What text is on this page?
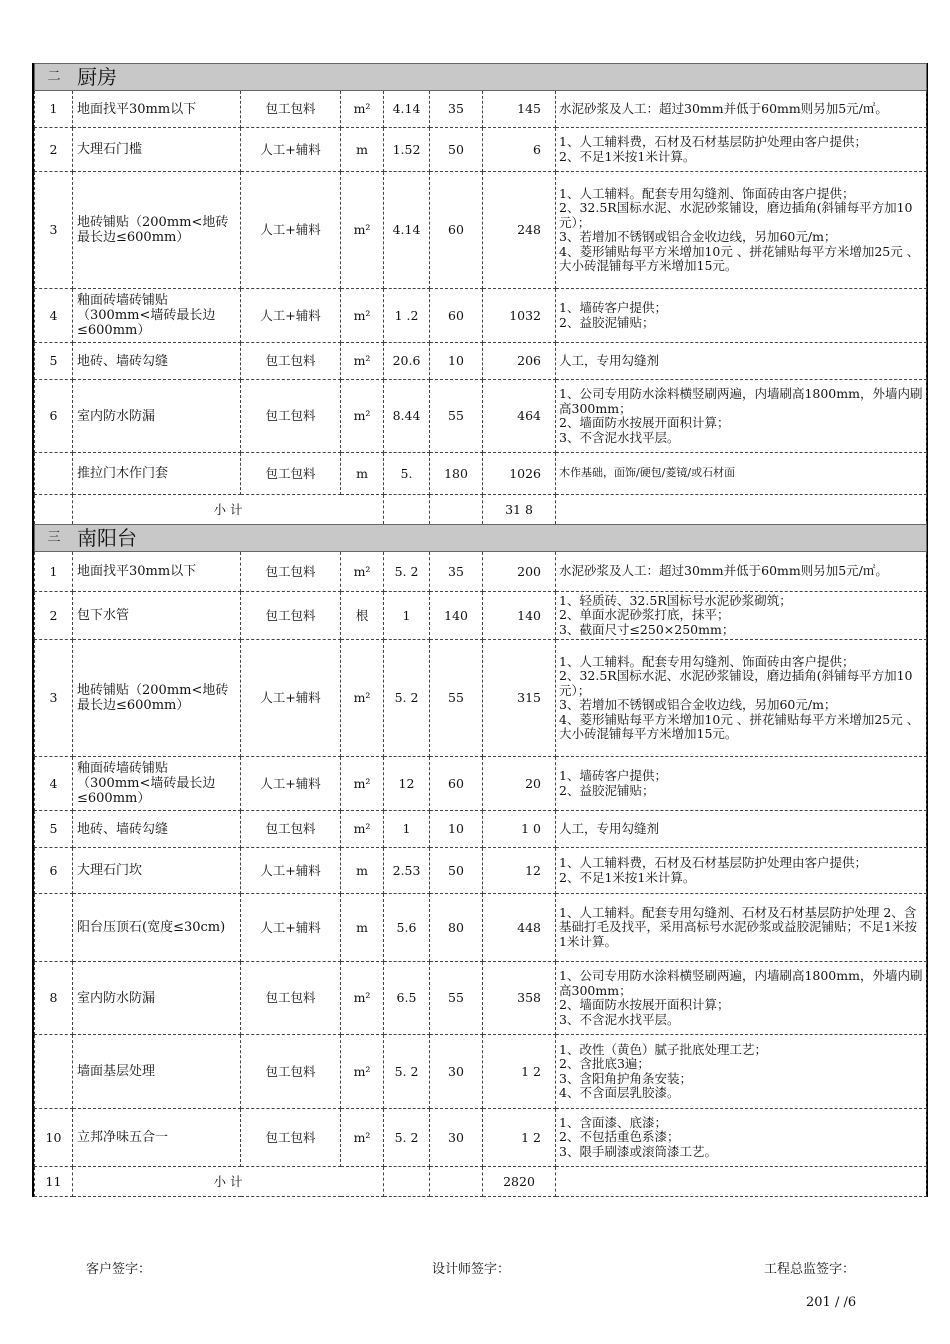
二 厨房							
1	地面找平30mm以下	包工包料	m²	4.14	35	145	水泥砂浆及人工：超过30mm并低于60mm则另加5元/㎡。

2	大理石门槛	人工+辅料	m	1.52	50	6	1、人工辅料费，石材及石材基层防护处理由客户提供；
2、不足1米按1米计算。

3	地砖铺贴（200mm<地砖最长边≤600mm）	人工+辅料	m²	4.14	60	248	1、人工辅料。配套专用勾缝剂、饰面砖由客户提供；
2、32.5R国标水泥、水泥砂浆铺设，磨边插角(斜铺每平方加10元）；
3、若增加不锈钢或铝合金收边线，另加60元/m；
4、菱形铺贴每平方米增加10元 、拼花铺贴每平方米增加25元 、大小砖混铺每平方米增加15元。

4	釉面砖墙砖铺贴（300mm<墙砖最长边≤600mm）	人工+辅料	m²	1 .2	60	1032	1、墙砖客户提供；
2、益胶泥铺贴；

5	地砖、墙砖勾缝	包工包料	m²	20.6	10	206	人工，专用勾缝剂

6	室内防水防漏	包工包料	m²	8.44	55	464	1、公司专用防水涂料横竖刷两遍，内墙刷高1800mm，外墙内刷高300mm；
2、墙面防水按展开面积计算；
3、不含泥水找平层。

	推拉门木作门套	包工包料	m	5.	180	1026	木作基础，面饰/硬包/菱镜/或石材面

	小 计					31 8	
三 南阳台							
1	地面找平30mm以下	包工包料	m²	5. 2	35	200	水泥砂浆及人工：超过30mm并低于60mm则另加5元/㎡。

2	包下水管	包工包料	根	1	140	140	1、轻质砖、32.5R国标号水泥砂浆砌筑；
2、单面水泥砂浆打底，抹平；
3、截面尺寸≤250×250mm；

3	地砖铺贴（200mm<地砖最长边≤600mm）	人工+辅料	m²	5. 2	55	315	1、人工辅料。配套专用勾缝剂、饰面砖由客户提供；
2、32.5R国标水泥、水泥砂浆铺设，磨边插角(斜铺每平方加10元）；
3、若增加不锈钢或铝合金收边线，另加60元/m；
4、菱形铺贴每平方米增加10元 、拼花铺贴每平方米增加25元 、大小砖混铺每平方米增加15元。

4	釉面砖墙砖铺贴（300mm<墙砖最长边≤600mm）	人工+辅料	m²	12	60	20	1、墙砖客户提供；
2、益胶泥铺贴；

5	地砖、墙砖勾缝	包工包料	m²	1	10	1 0	人工，专用勾缝剂

6	大理石门坎	人工+辅料	m	2.53	50	12	1、人工辅料费，石材及石材基层防护处理由客户提供；
2、不足1米按1米计算。

	阳台压顶石(宽度≤30cm)	人工+辅料	m	5.6	80	448	1、人工辅料。配套专用勾缝剂、石材及石材基层防护处理 2、含基础打毛及找平，采用高标号水泥砂浆或益胶泥铺贴；不足1米按1米计算。

8	室内防水防漏	包工包料	m²	6.5	55	358	1、公司专用防水涂料横竖刷两遍，内墙刷高1800mm，外墙内刷高300mm；
2、墙面防水按展开面积计算；
3、不含泥水找平层。

	墙面基层处理	包工包料	m²	5. 2	30	1 2	1、改性（黄色）腻子批底处理工艺；
2、含批底3遍；
3、含阳角护角条安装；
4、不含面层乳胶漆。

10	立邦净味五合一	包工包料	m²	5. 2	30	1 2	1、含面漆、底漆；
2、不包括重色系漆；
3、限手刷漆或滚筒漆工艺。

11	小 计					2820	
客户签字：	设计师签字：	工程总监签字：
201 / /6
